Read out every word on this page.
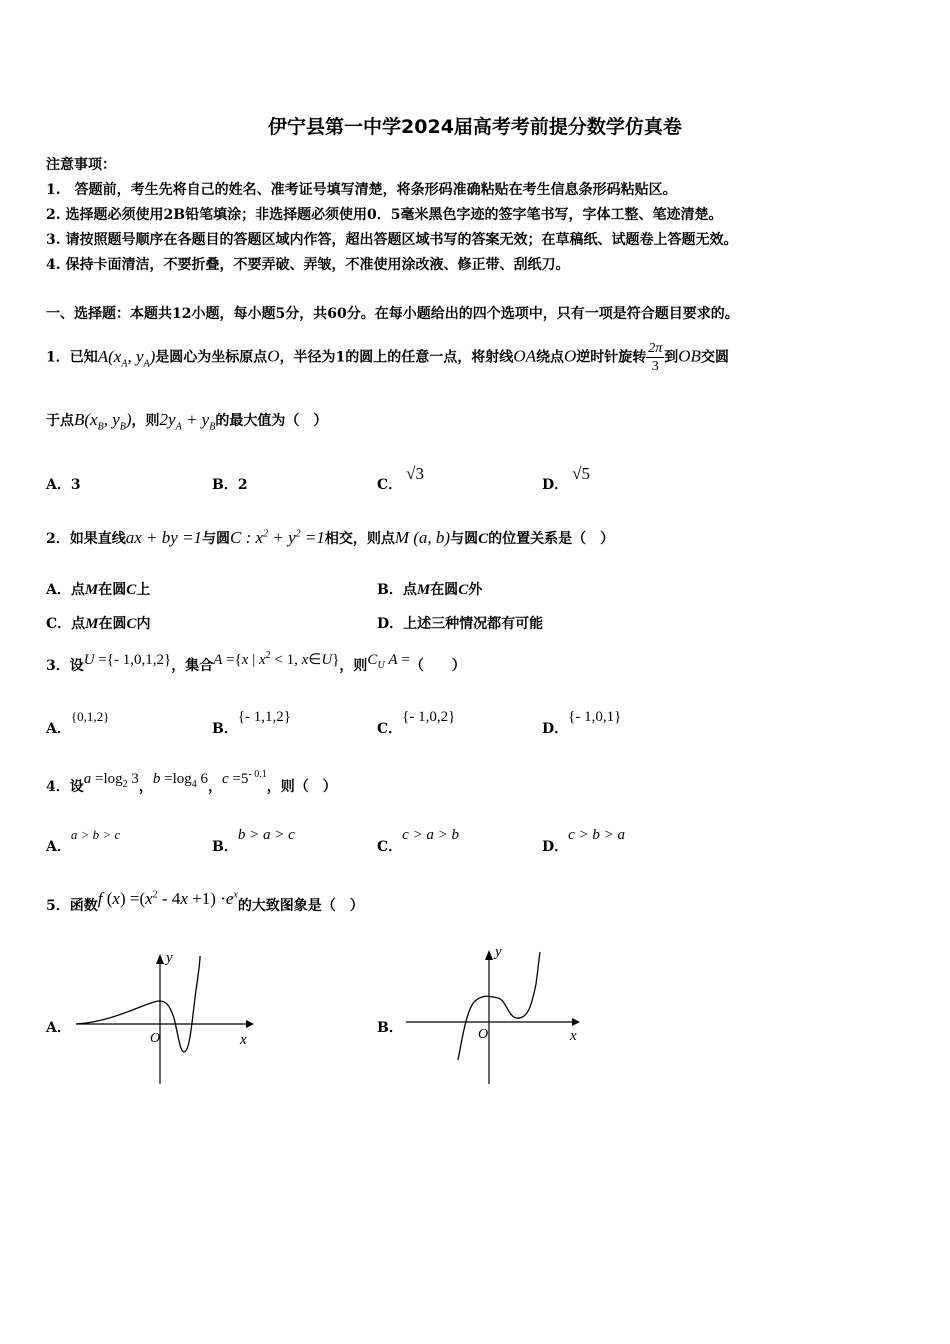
伊宁县第一中学2024届高考考前提分数学仿真卷
注意事项：
1.　答题前，考生先将自己的姓名、准考证号填写清楚，将条形码准确粘贴在考生信息条形码粘贴区。
2. 选择题必须使用2B铅笔填涂；非选择题必须使用0．5毫米黑色字迹的签字笔书写，字体工整、笔迹清楚。
3. 请按照题号顺序在各题目的答题区域内作答，超出答题区域书写的答案无效；在草稿纸、试题卷上答题无效。
4. 保持卡面清洁，不要折叠，不要弄破、弄皱，不准使用涂改液、修正带、刮纸刀。
一、选择题：本题共12小题，每小题5分，共60分。在每小题给出的四个选项中，只有一项是符合题目要求的。
1．已知$A(x_A$, $y_A$)是圆心为坐标原点O，半径为1的圆上的任意一点，将射线OA绕点O逆时针旋转 $\frac{2\pi}{3}$ 到OB交圆
于点$B(x_B$, $y_B$)，则$2y_A + y_B$的最大值为（　）
A．3	B．2	C．√3
D．√5
2．如果直线ax + by =1与圆C : $x^2 + y^2 =1$相交，则点M (a, b)与圆C的位置关系是（　）
A．点M在圆C上	B．点M在圆C外
C．点M在圆C内	D．上述三种情况都有可能
3．设U ={- 1,0,1,2}，集合A ={x | $x^2 < 1$, x∈U}，则$C_U$ A =（　　）
A．{0,1,2}
B．{- 1,1,2}
C．{- 1,0,2}
D．{- 1,0,1}
4．设$a =\log_2$ 3，$b =\log_4$ 6，$c =5^{- 0.1}$，则（　）
A．a > b > c
B．b > a > c
C．c > a > b
D．c > b > a
5．函数f $(x) =(x^2 - 4x +1) \cdot e^x$的大致图象是（　）
A．
y
x
O
B．
y
x
O
